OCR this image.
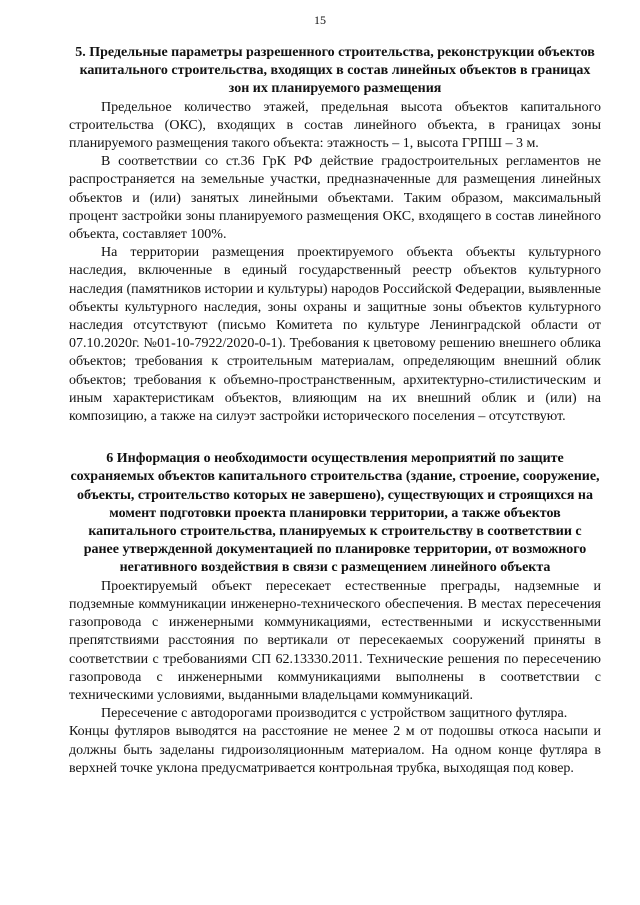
15
5. Предельные параметры разрешенного строительства, реконструкции объектов капитального строительства, входящих в состав линейных объектов в границах зон их планируемого размещения

Предельное количество этажей, предельная высота объектов капитального строительства (ОКС), входящих в состав линейного объекта, в границах зоны планируемого размещения такого объекта: этажность – 1, высота ГРПШ – 3 м.

В соответствии со ст.36 ГрК РФ действие градостроительных регламентов не распространяется на земельные участки, предназначенные для размещения линейных объектов и (или) занятых линейными объектами. Таким образом, максимальный процент застройки зоны планируемого размещения ОКС, входящего в состав линейного объекта, составляет 100%.

На территории размещения проектируемого объекта объекты культурного наследия, включенные в единый государственный реестр объектов культурного наследия (памятников истории и культуры) народов Российской Федерации, выявленные объекты культурного наследия, зоны охраны и защитные зоны объектов культурного наследия отсутствуют (письмо Комитета по культуре Ленинградской области от 07.10.2020г. №01-10-7922/2020-0-1). Требования к цветовому решению внешнего облика объектов; требования к строительным материалам, определяющим внешний облик объектов; требования к объемно-пространственным, архитектурно-стилистическим и иным характеристикам объектов, влияющим на их внешний облик и (или) на композицию, а также на силуэт застройки исторического поселения – отсутствуют.

6 Информация о необходимости осуществления мероприятий по защите сохраняемых объектов капитального строительства (здание, строение, сооружение, объекты, строительство которых не завершено), существующих и строящихся на момент подготовки проекта планировки территории, а также объектов капитального строительства, планируемых к строительству в соответствии с ранее утвержденной документацией по планировке территории, от возможного негативного воздействия в связи с размещением линейного объекта

Проектируемый объект пересекает естественные преграды, надземные и подземные коммуникации инженерно-технического обеспечения. В местах пересечения газопровода с инженерными коммуникациями, естественными и искусственными препятствиями расстояния по вертикали от пересекаемых сооружений приняты в соответствии с требованиями СП 62.13330.2011. Технические решения по пересечению газопровода с инженерными коммуникациями выполнены в соответствии с техническими условиями, выданными владельцами коммуникаций.

Пересечение с автодорогами производится с устройством защитного футляра.

Концы футляров выводятся на расстояние не менее 2 м от подошвы откоса насыпи и должны быть заделаны гидроизоляционным материалом. На одном конце футляра в верхней точке уклона предусматривается контрольная трубка, выходящая под ковер.
